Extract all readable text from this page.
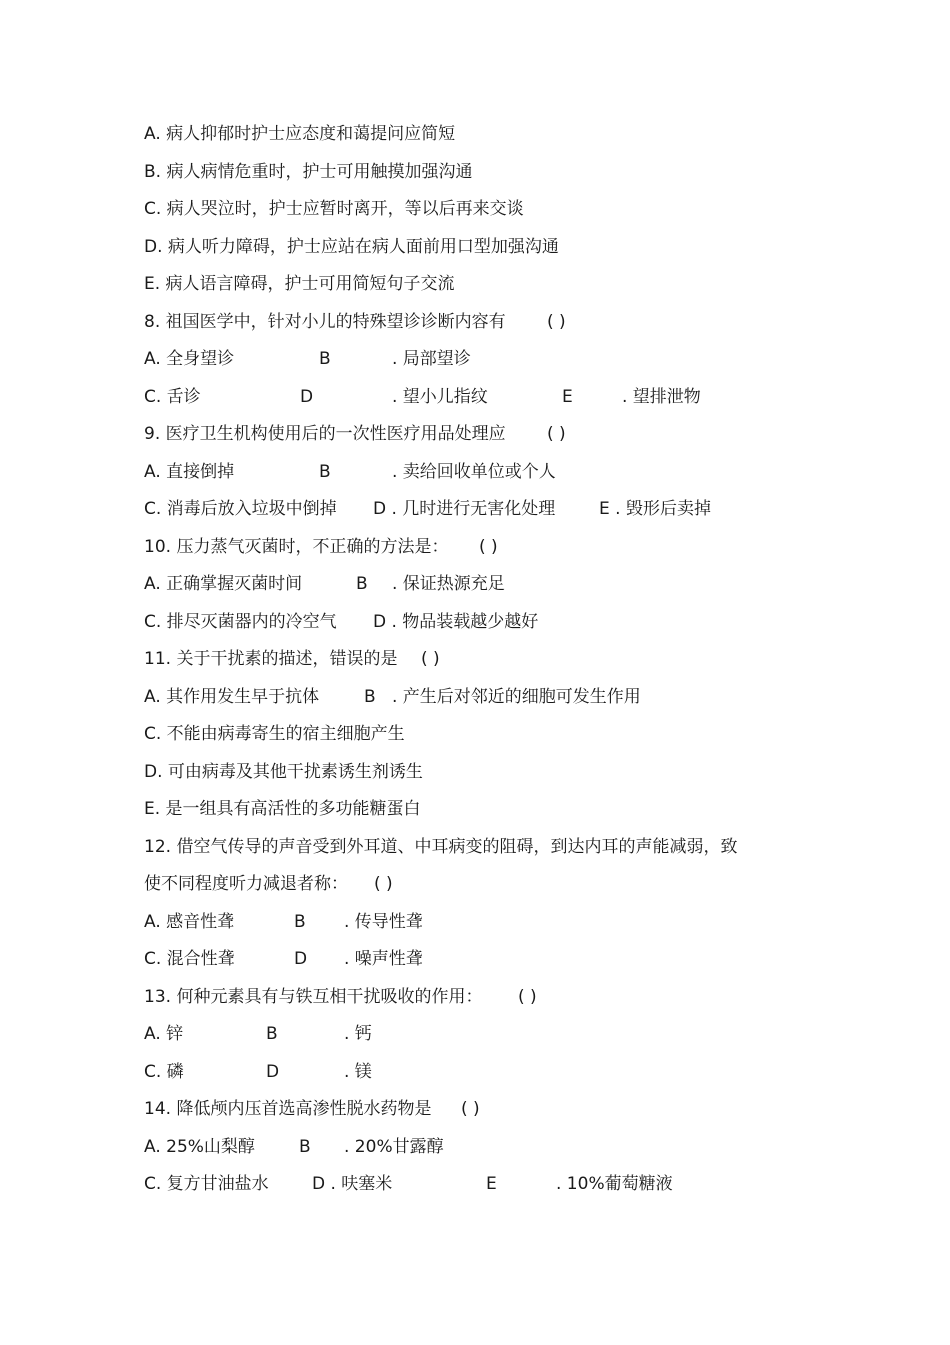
A. 病人抑郁时护士应态度和蔼提问应简短
B. 病人病情危重时，护士可用触摸加强沟通
C. 病人哭泣时，护士应暂时离开，等以后再来交谈
D. 病人听力障碍，护士应站在病人面前用口型加强沟通
E. 病人语言障碍，护士可用简短句子交流
8. 祖国医学中，针对小儿的特殊望诊诊断内容有 ( )
A. 全身望诊	B	. 局部望诊
C. 舌诊	D	. 望小儿指纹	E	. 望排泄物
9. 医疗卫生机构使用后的一次性医疗用品处理应 ( )
A. 直接倒掉	B	. 卖给回收单位或个人
C. 消毒后放入垃圾中倒掉 D . 几时进行无害化处理	E . 毁形后卖掉
10. 压力蒸气灭菌时，不正确的方法是： ( )
A. 正确掌握灭菌时间	B . 保证热源充足
C. 排尽灭菌器内的冷空气 D . 物品装载越少越好
11. 关于干扰素的描述，错误的是 ( )
A. 其作用发生早于抗体	B . 产生后对邻近的细胞可发生作用
C. 不能由病毒寄生的宿主细胞产生
D. 可由病毒及其他干扰素诱生剂诱生
E. 是一组具有高活性的多功能糖蛋白
12. 借空气传导的声音受到外耳道、中耳病变的阻碍，到达内耳的声能减弱，致
使不同程度听力减退者称： ( )
A. 感音性聋	B . 传导性聋
C. 混合性聋	D . 噪声性聋
13. 何种元素具有与铁互相干扰吸收的作用： ( )
A. 锌	B	. 钙
C. 磷	D	. 镁
14. 降低颅内压首选高渗性脱水药物是 ( )
A. 25%山梨醇	B . 20%甘露醇
C. 复方甘油盐水	D . 呋塞米	E	. 10%葡萄糖液
